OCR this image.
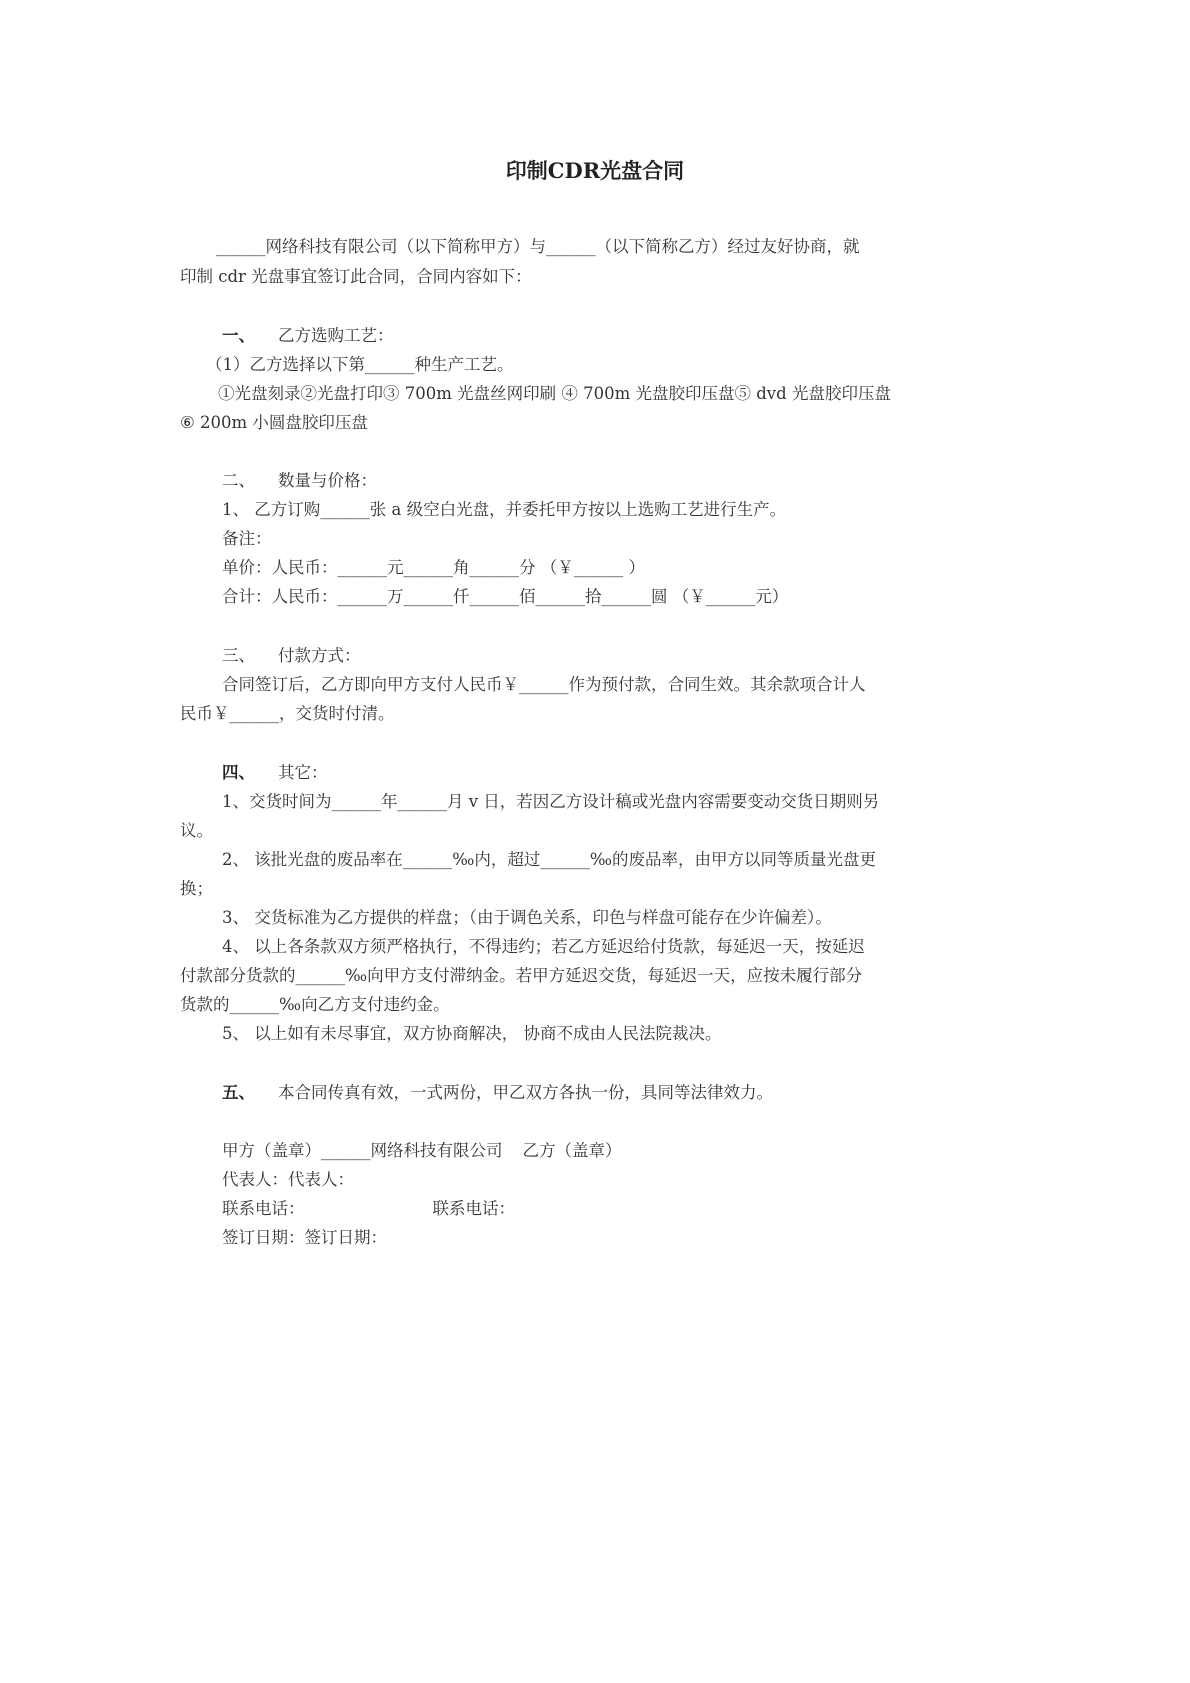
印制CDR光盘合同
______网络科技有限公司（以下简称甲方）与______（以下简称乙方）经过友好协商，就
印制 cdr 光盘事宜签订此合同，合同内容如下：
一、 乙方选购工艺：
（1）乙方选择以下第______种生产工艺。
①光盘刻录②光盘打印③ 700m 光盘丝网印刷 ④ 700m 光盘胶印压盘⑤ dvd 光盘胶印压盘
⑥ 200m 小圆盘胶印压盘
二、 数量与价格：
1、 乙方订购______张 a 级空白光盘，并委托甲方按以上选购工艺进行生产。
备注：
单价：人民币：______元______角______分 （￥______ ）
合计：人民币：______万______仟______佰______拾______圆 （￥______元）
三、 付款方式：
合同签订后，乙方即向甲方支付人民币￥______作为预付款，合同生效。其余款项合计人
民币￥______，交货时付清。
四、 其它：
1、交货时间为______年______月 v 日，若因乙方设计稿或光盘内容需要变动交货日期则另
议。
2、 该批光盘的废品率在______‰内，超过______‰的废品率，由甲方以同等质量光盘更
换；
3、 交货标准为乙方提供的样盘；（由于调色关系，印色与样盘可能存在少许偏差）。
4、 以上各条款双方须严格执行，不得违约；若乙方延迟给付货款，每延迟一天，按延迟
付款部分货款的______‰向甲方支付滞纳金。若甲方延迟交货，每延迟一天，应按未履行部分
货款的______‰向乙方支付违约金。
5、 以上如有未尽事宜，双方协商解决， 协商不成由人民法院裁决。
五、 本合同传真有效，一式两份，甲乙双方各执一份，具同等法律效力。
甲方（盖章）______网络科技有限公司 乙方（盖章）
代表人：代表人：
联系电话：	联系电话：
签订日期：签订日期：
